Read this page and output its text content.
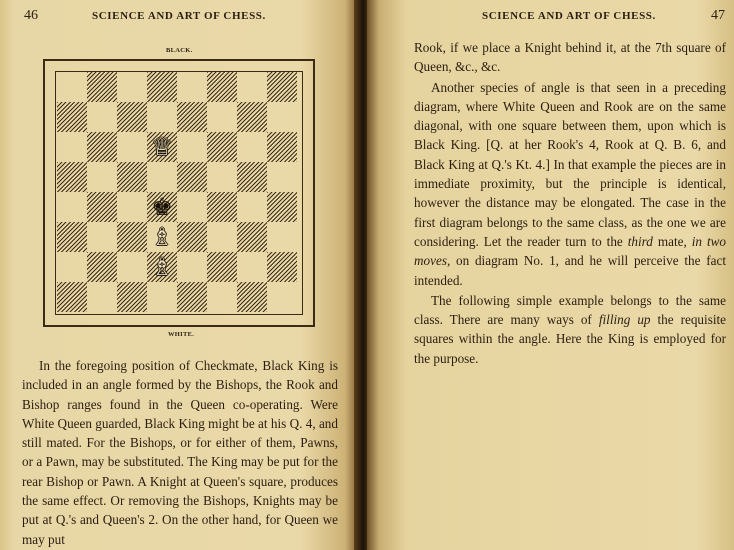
46	SCIENCE AND ART OF CHESS.
BLACK.
♕
♚
♗
♗
WHITE.

In the foregoing position of Checkmate, Black King is included in an angle formed by the Bishops, the Rook and Bishop ranges found in the Queen co-operating. Were White Queen guarded, Black King might be at his Q. 4, and still mated. For the Bishops, or for either of them, Pawns, or a Pawn, may be substituted. The King may be put for the rear Bishop or Pawn. A Knight at Queen's square, produces the same effect. Or removing the Bishops, Knights may be put at Q.'s and Queen's 2. On the other hand, for Queen we may put

SCIENCE AND ART OF CHESS.	47

Rook, if we place a Knight behind it, at the 7th square of Queen, &c., &c.

Another species of angle is that seen in a preceding diagram, where White Queen and Rook are on the same diagonal, with one square between them, upon which is Black King. [Q. at her Rook's 4, Rook at Q. B. 6, and Black King at Q.'s Kt. 4.] In that example the pieces are in immediate proximity, but the principle is identical, however the distance may be elongated. The case in the first diagram belongs to the same class, as the one we are considering. Let the reader turn to the third mate, in two moves, on diagram No. 1, and he will perceive the fact intended.

The following simple example belongs to the same class. There are many ways of filling up the requisite squares within the angle. Here the King is employed for the purpose.
